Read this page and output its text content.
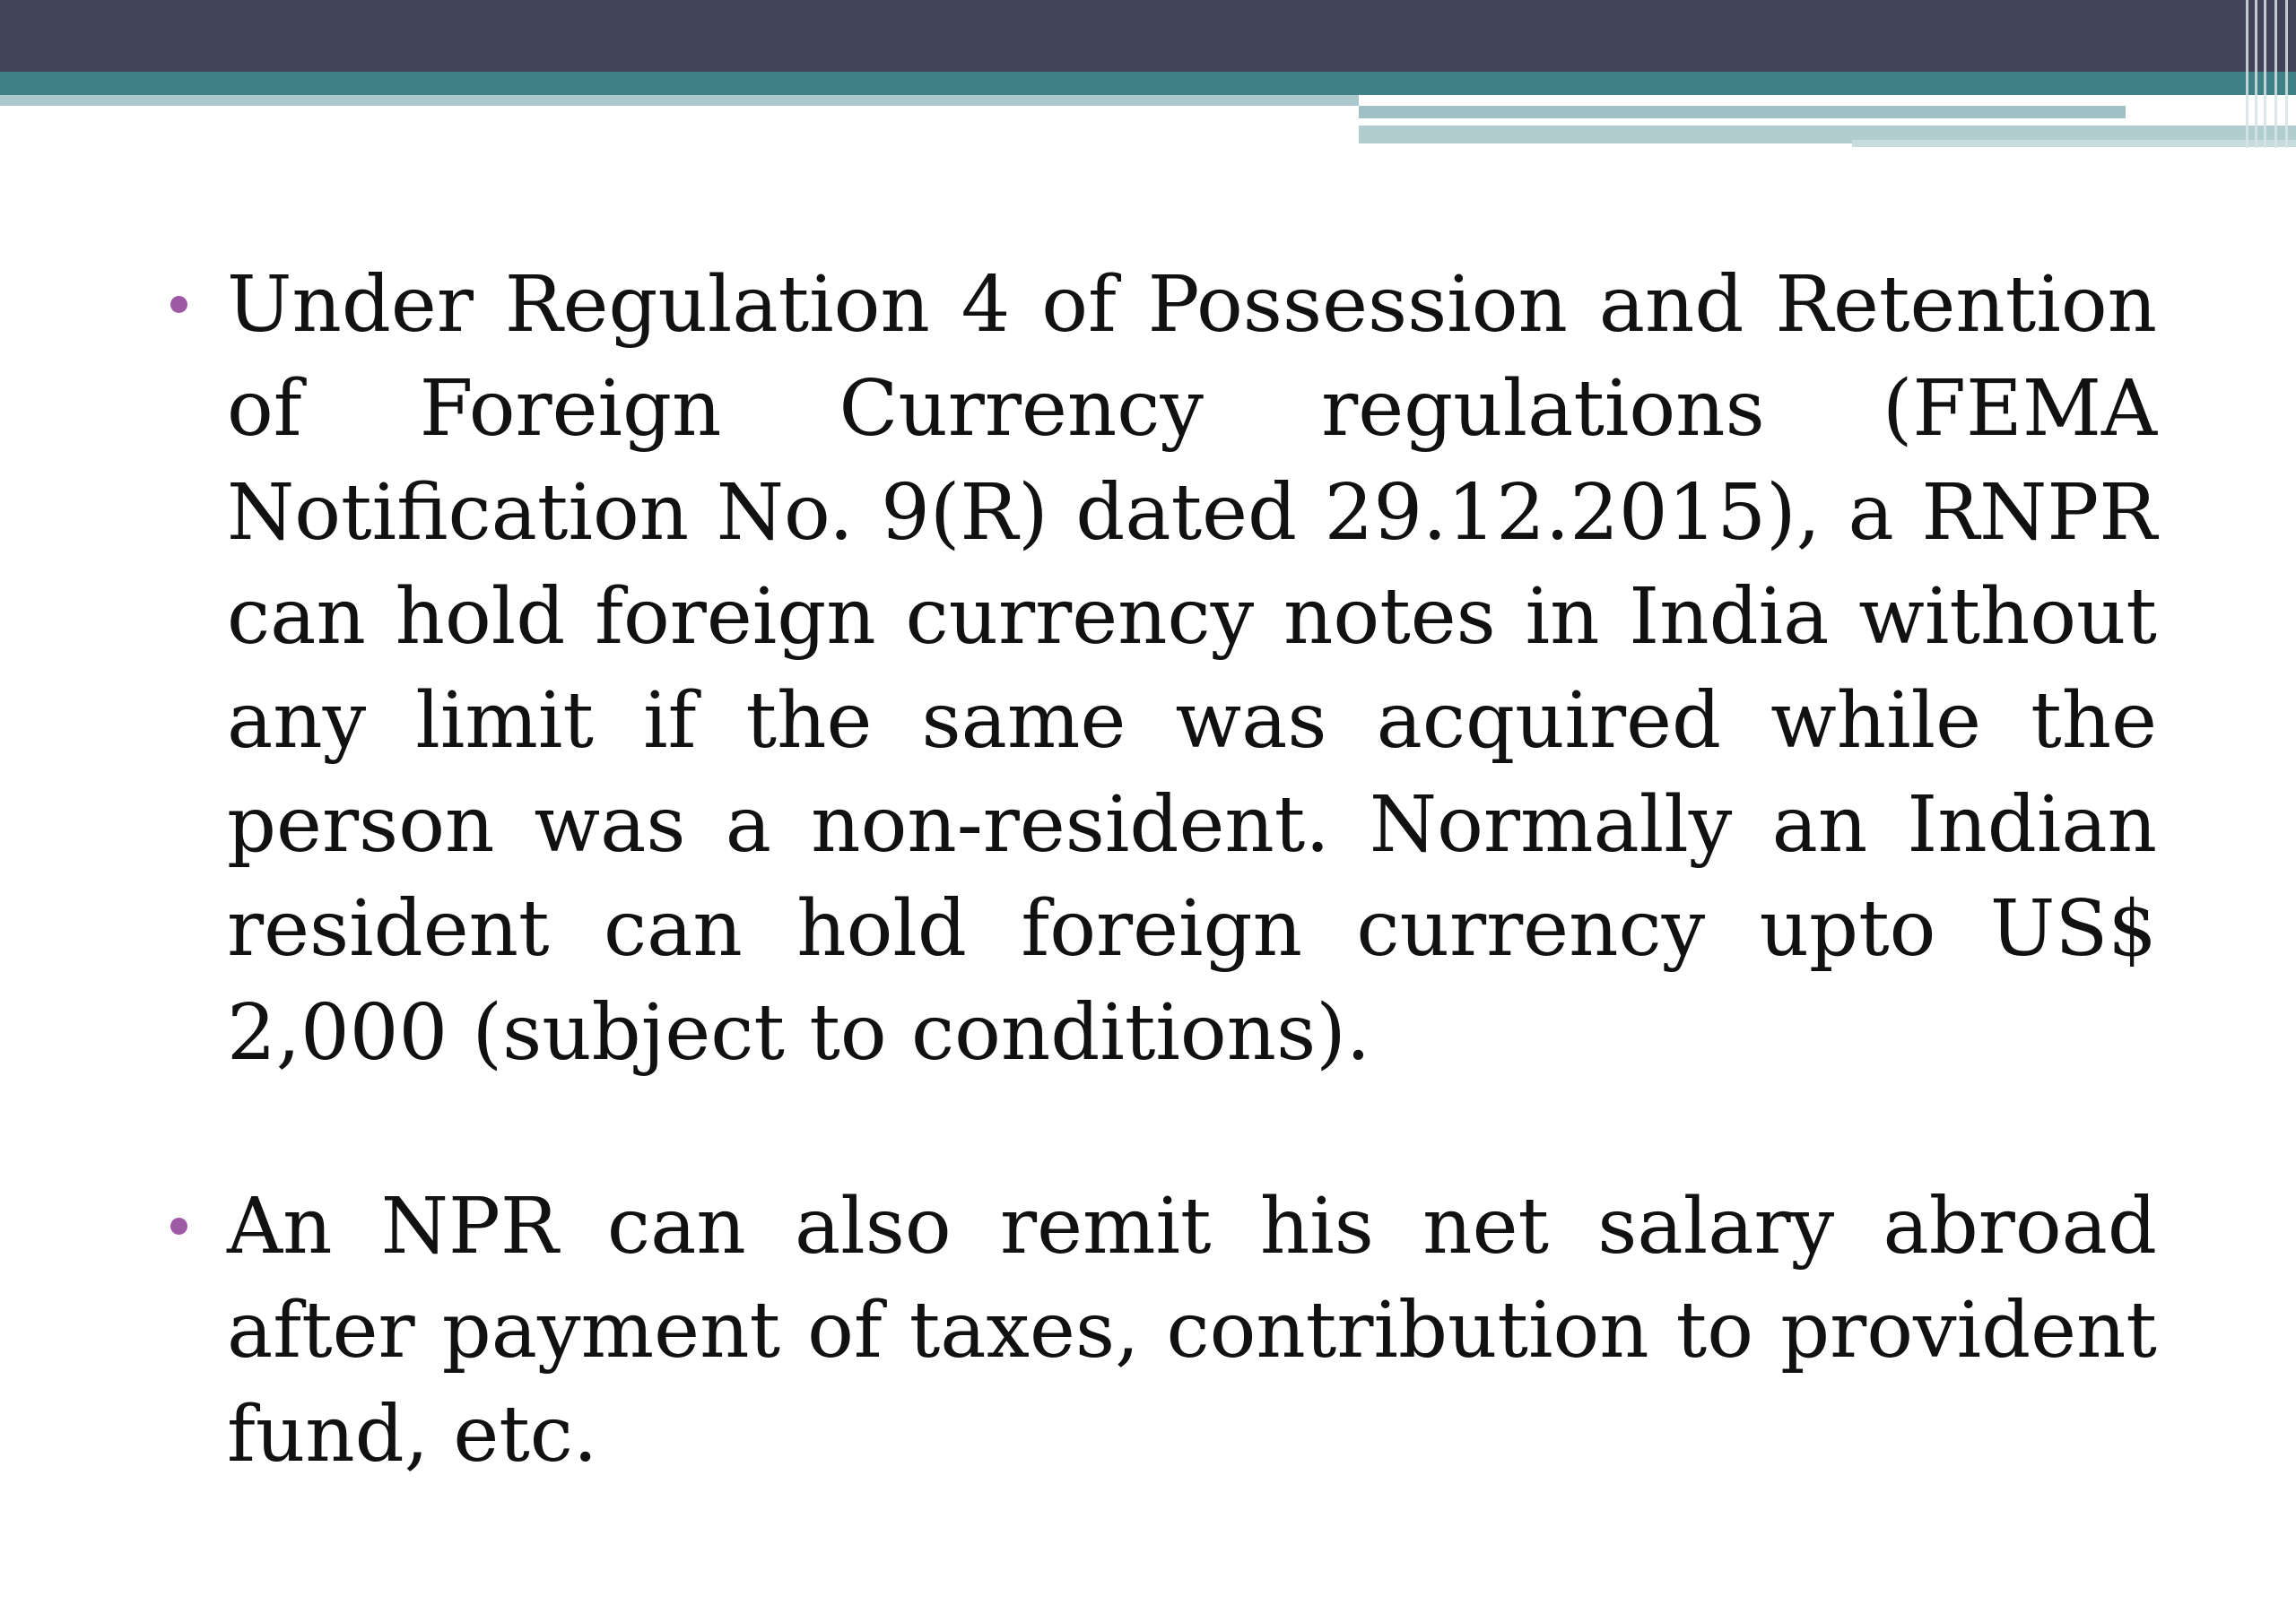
Under Regulation 4 of Possession and Retention of Foreign Currency regulations (FEMA Notification No. 9(R) dated 29.12.2015), a RNPR can hold foreign currency notes in India without any limit if the same was acquired while the person was a non-resident. Normally an Indian resident can hold foreign currency upto US$ 2,000 (subject to conditions).

An NPR can also remit his net salary abroad after payment of taxes, contribution to provident fund, etc.
